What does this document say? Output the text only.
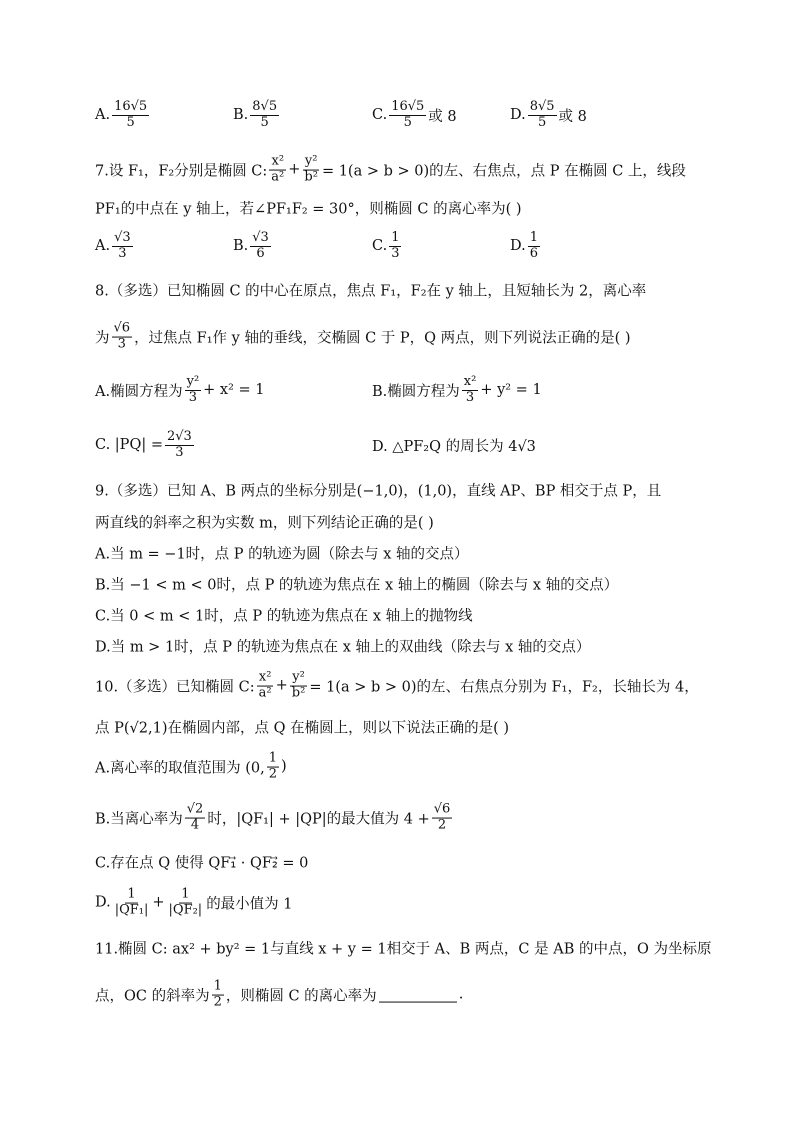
A. $\frac{16√5}{5}$	B. $\frac{8√5}{5}$	C. $\frac{16√5}{5}$ 或 8	D. $\frac{8√5}{5}$ 或 8
7.设 F₁，F₂分别是椭圆 C: $\frac{\text{x²}}{\text{a²}} + \frac{\text{y²}}{\text{b²}} = 1(a > b > 0)$的左、右焦点，点 P 在椭圆 C 上，线段
PF₁的中点在 y 轴上，若∠PF₁F₂ = 30°，则椭圆 C 的离心率为( )
A. $\frac{√3}{3}$	B. $\frac{√3}{6}$	C. $\frac{1}{3}$	D. $\frac{1}{6}$
8.（多选）已知椭圆 C 的中心在原点，焦点 F₁，F₂在 y 轴上，且短轴长为 2，离心率
为 $\frac{√6}{3}$ ，过焦点 F₁作 y 轴的垂线，交椭圆 C 于 P，Q 两点，则下列说法正确的是( )
A.椭圆方程为 $\frac{\text{y²}}{3} + x^2 = 1$	B.椭圆方程为 $\frac{\text{x²}}{3} + y^2 = 1$
C. $|PQ| = \frac{2√3}{3}$	D. △PF₂Q 的周长为 4√3
9.（多选）已知 A、B 两点的坐标分别是(−1,0)，(1,0)，直线 AP、BP 相交于点 P，且
两直线的斜率之积为实数 m，则下列结论正确的是( )
A.当 m = −1时，点 P 的轨迹为圆（除去与 x 轴的交点）
B.当 −1 < m < 0时，点 P 的轨迹为焦点在 x 轴上的椭圆（除去与 x 轴的交点）
C.当 0 < m < 1时，点 P 的轨迹为焦点在 x 轴上的抛物线
D.当 m > 1时，点 P 的轨迹为焦点在 x 轴上的双曲线（除去与 x 轴的交点）
10.（多选）已知椭圆 C: $\frac{\text{x²}}{\text{a²}} + \frac{\text{y²}}{\text{b²}} = 1(a > b > 0)$的左、右焦点分别为 F₁，F₂，长轴长为 4，
点 P(√2,1)在椭圆内部，点 Q 在椭圆上，则以下说法正确的是( )
A.离心率的取值范围为 (0, $\frac{1}{2}$ )
B.当离心率为 $\frac{√2}{4}$ 时，|QF₁| + |QP|的最大值为 $4 + \frac{√6}{2}$
C.存在点 Q 使得 QF₁⃗ · QF₂⃗ = 0
D. $\frac{1}{\text{|QF₁|}} + \frac{1}{\text{|QF₂|}}$ 的最小值为 1
11.椭圆 C: ax² + by² = 1与直线 x + y = 1相交于 A、B 两点，C 是 AB 的中点，O 为坐标原
点，OC 的斜率为 $\frac{1}{2}$ ，则椭圆 C 的离心率为	.
